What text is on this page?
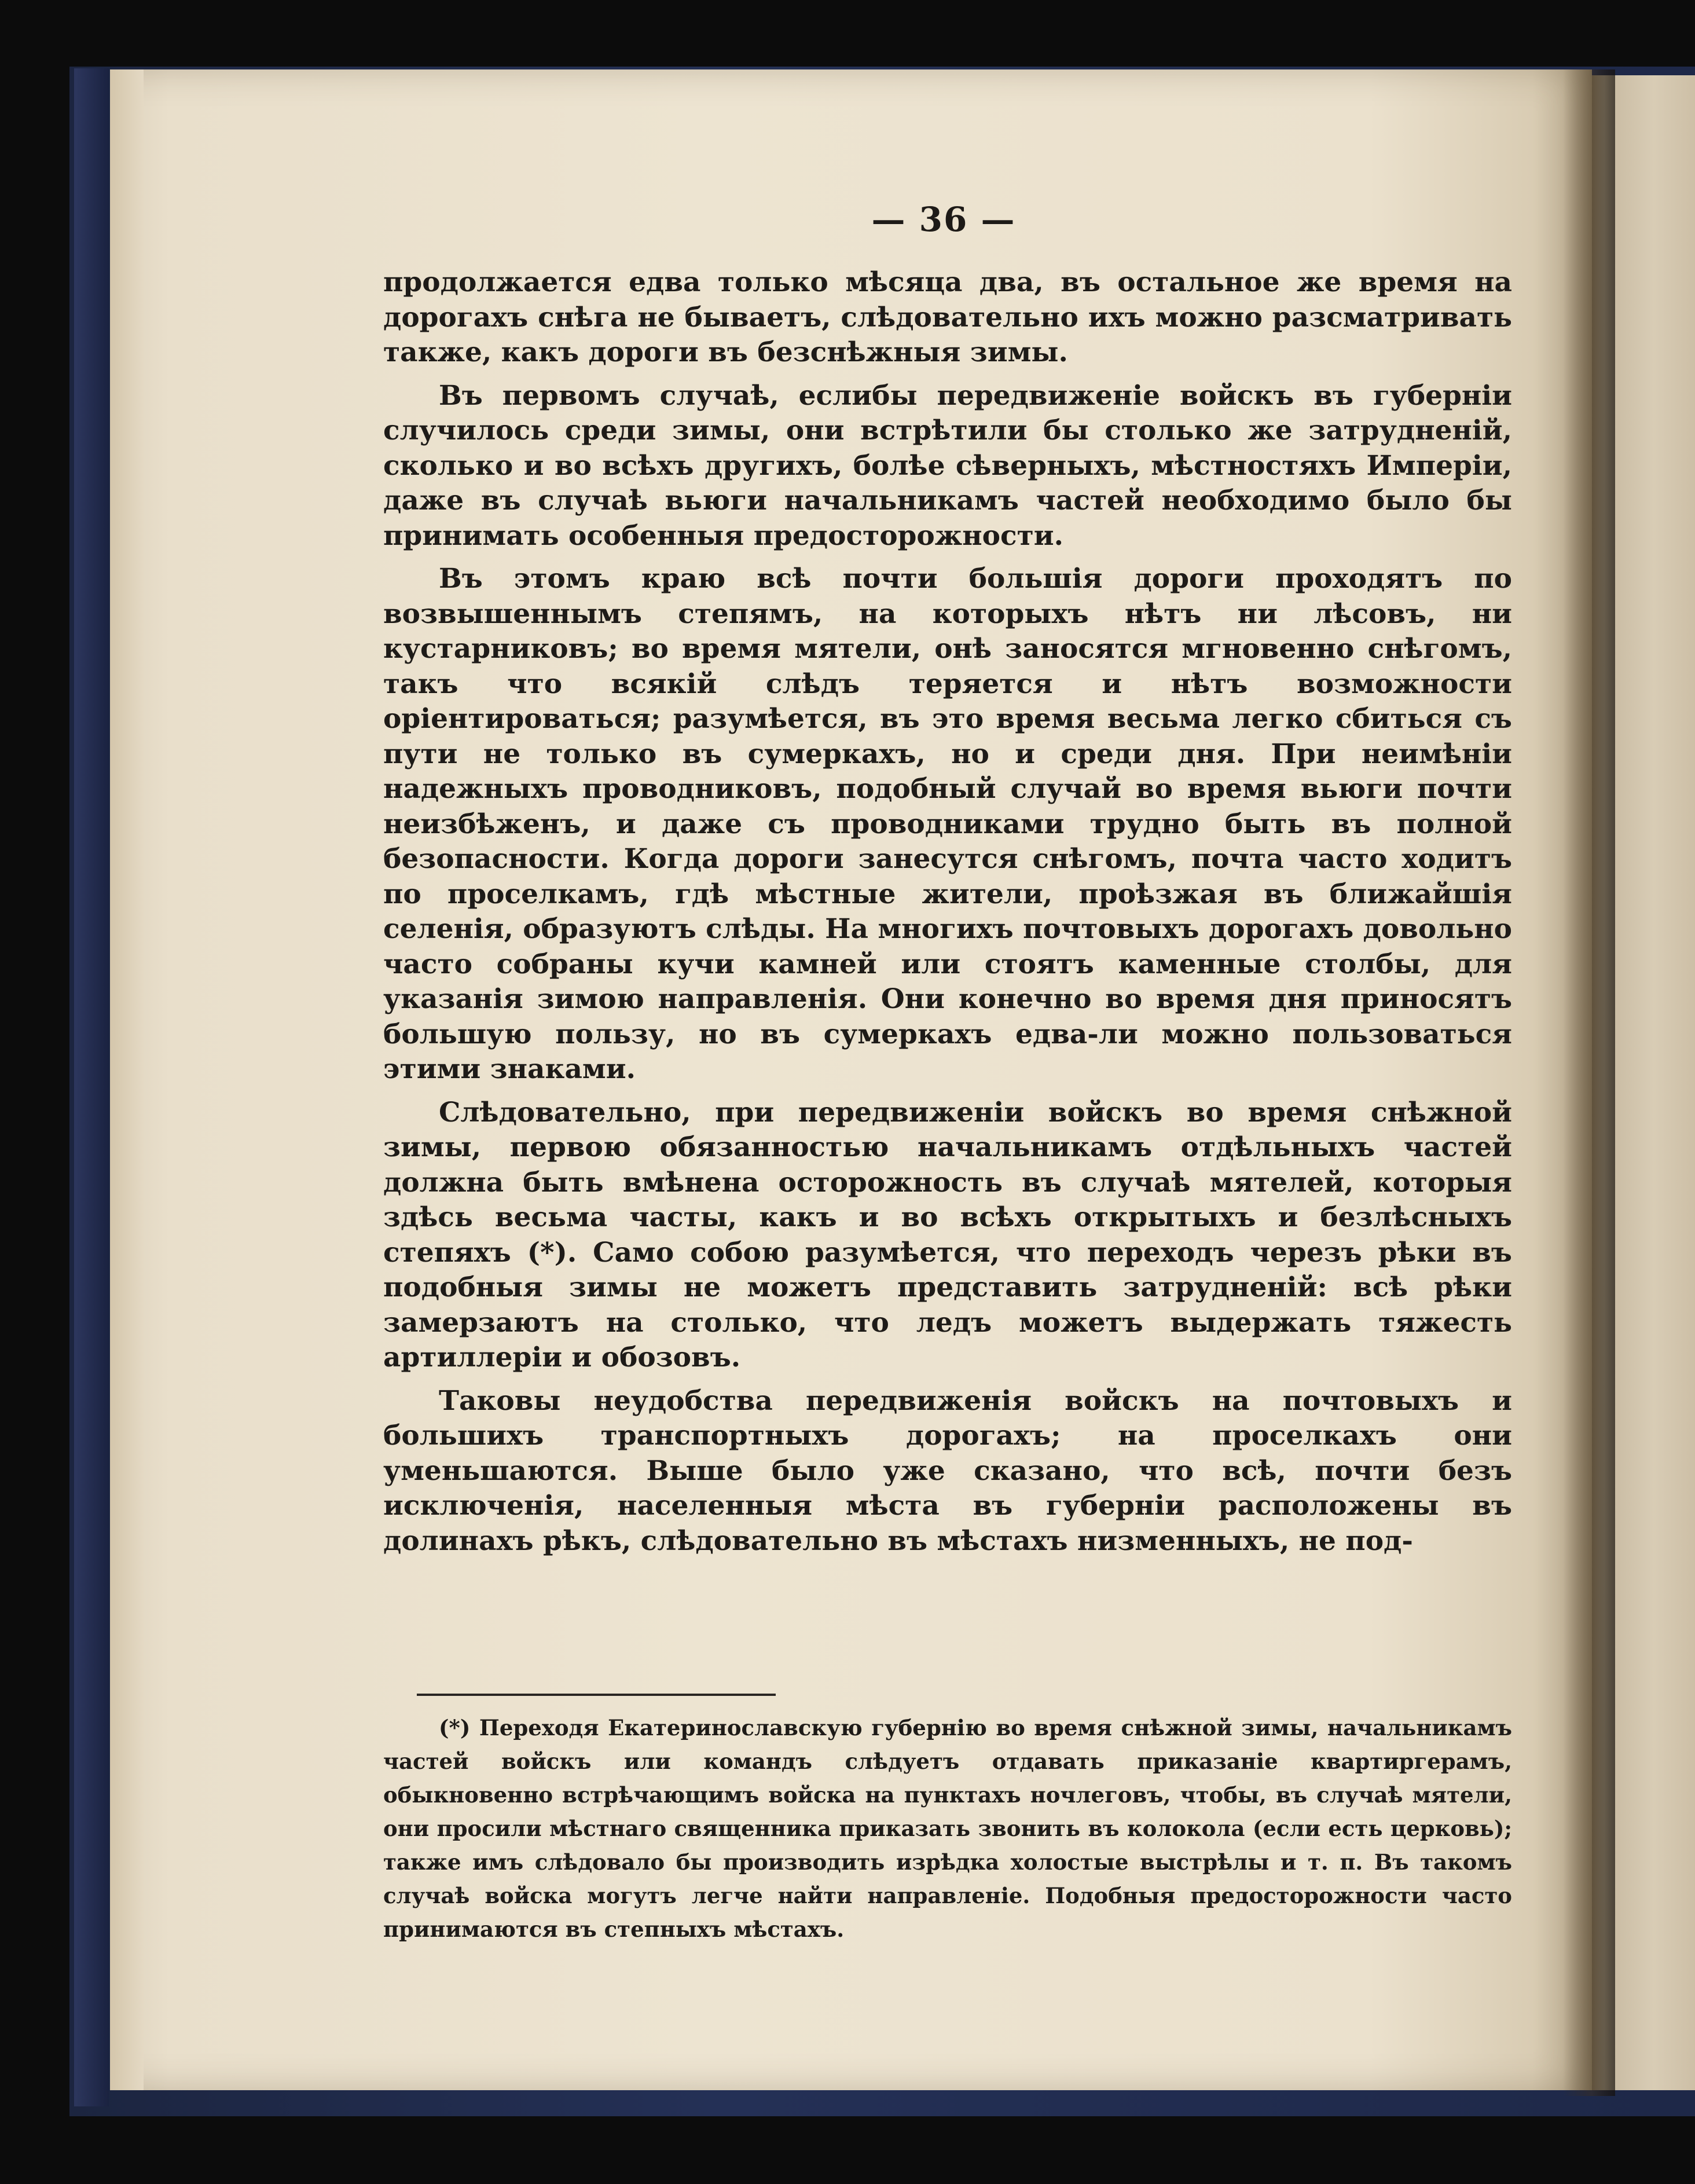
— 36 —

продолжается едва только мѣсяца два, въ остальное же время на дорогахъ снѣга не бываетъ, слѣдовательно ихъ можно разсматривать также, какъ дороги въ безснѣжныя зимы.

Въ первомъ случаѣ, еслибы передвиженіе войскъ въ губерніи случилось среди зимы, они встрѣтили бы столько же затрудненій, сколько и во всѣхъ другихъ, болѣе сѣверныхъ, мѣстностяхъ Имперіи, даже въ случаѣ вьюги начальникамъ частей необходимо было бы принимать особенныя предосторожности.

Въ этомъ краю всѣ почти большія дороги проходятъ по возвышеннымъ степямъ, на которыхъ нѣтъ ни лѣсовъ, ни кустарниковъ; во время мятели, онѣ заносятся мгновенно снѣгомъ, такъ что всякій слѣдъ теряется и нѣтъ возможности оріентироваться; разумѣется, въ это время весьма легко сбиться съ пути не только въ сумеркахъ, но и среди дня. При неимѣніи надежныхъ проводниковъ, подобный случай во время вьюги почти неизбѣженъ, и даже съ проводниками трудно быть въ полной безопасности. Когда дороги занесутся снѣгомъ, почта часто ходитъ по проселкамъ, гдѣ мѣстные жители, проѣзжая въ ближайшія селенія, образуютъ слѣды. На многихъ почтовыхъ дорогахъ довольно часто собраны кучи камней или стоятъ каменные столбы, для указанія зимою направленія. Они конечно во время дня приносятъ большую пользу, но въ сумеркахъ едва-ли можно пользоваться этими знаками.

Слѣдовательно, при передвиженіи войскъ во время снѣжной зимы, первою обязанностью начальникамъ отдѣльныхъ частей должна быть вмѣнена осторожность въ случаѣ мятелей, которыя здѣсь весьма часты, какъ и во всѣхъ открытыхъ и безлѣсныхъ степяхъ (*). Само собою разумѣется, что переходъ черезъ рѣки въ подобныя зимы не можетъ представить затрудненій: всѣ рѣки замерзаютъ на столько, что ледъ можетъ выдержать тяжесть артиллеріи и обозовъ.

Таковы неудобства передвиженія войскъ на почтовыхъ и большихъ транспортныхъ дорогахъ; на проселкахъ они уменьшаются. Выше было уже сказано, что всѣ, почти безъ исключенія, населенныя мѣста въ губерніи расположены въ долинахъ рѣкъ, слѣдовательно въ мѣстахъ низменныхъ, не под-

(*) Переходя Екатеринославскую губернію во время снѣжной зимы, начальникамъ частей войскъ или командъ слѣдуетъ отдавать приказаніе квартиргерамъ, обыкновенно встрѣчающимъ войска на пунктахъ ночлеговъ, чтобы, въ случаѣ мятели, они просили мѣстнаго священника приказать звонить въ колокола (если есть церковь); также имъ слѣдовало бы производить изрѣдка холостые выстрѣлы и т. п. Въ такомъ случаѣ войска могутъ легче найти направленіе. Подобныя предосторожности часто принимаются въ степныхъ мѣстахъ.
